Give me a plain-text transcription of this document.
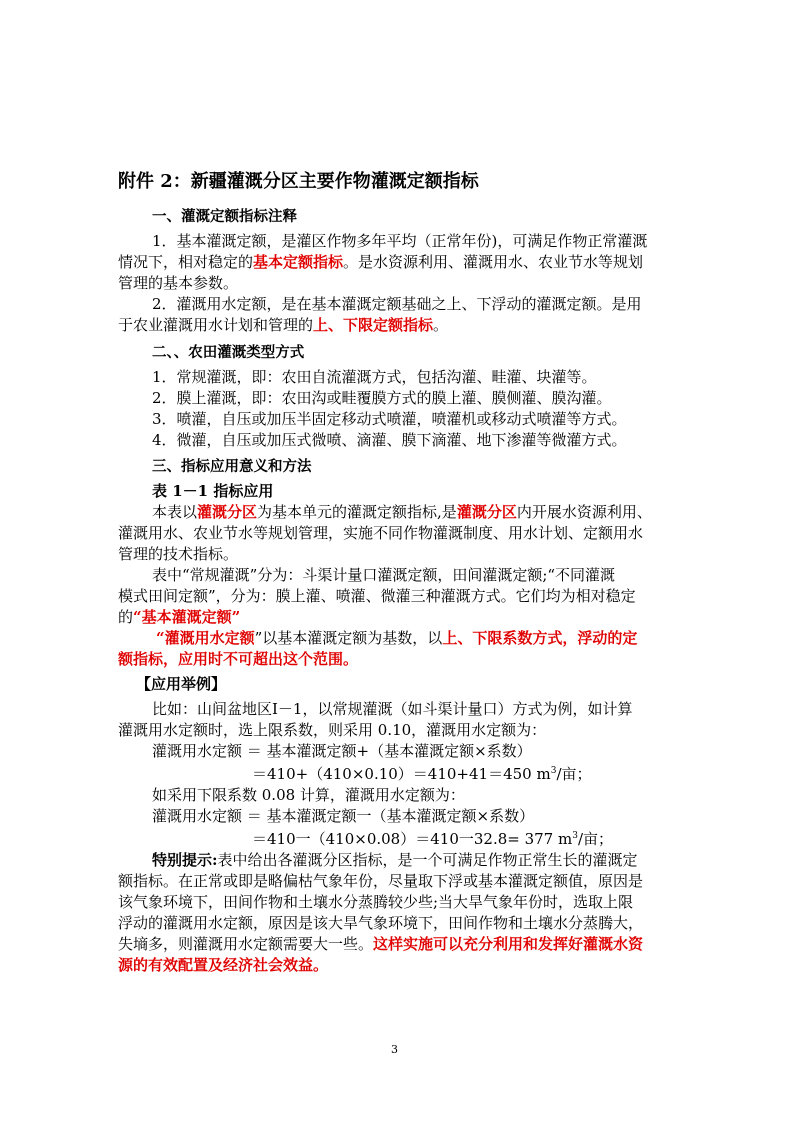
附件 2：新疆灌溉分区主要作物灌溉定额指标
一、灌溉定额指标注释
1．基本灌溉定额，是灌区作物多年平均（正常年份)，可满足作物正常灌溉
情况下，相对稳定的基本定额指标。是水资源利用、灌溉用水、农业节水等规划
管理的基本参数。
2．灌溉用水定额，是在基本灌溉定额基础之上、下浮动的灌溉定额。是用
于农业灌溉用水计划和管理的上、下限定额指标。
二、、农田灌溉类型方式
1．常规灌溉，即：农田自流灌溉方式，包括沟灌、畦灌、块灌等。
2．膜上灌溉，即：农田沟或畦覆膜方式的膜上灌、膜侧灌、膜沟灌。
3．喷灌，自压或加压半固定移动式喷灌，喷灌机或移动式喷灌等方式。
4．微灌，自压或加压式微喷、滴灌、膜下滴灌、地下渗灌等微灌方式。
三、指标应用意义和方法
表 1－1 指标应用
本表以灌溉分区为基本单元的灌溉定额指标,是灌溉分区内开展水资源利用、
灌溉用水、农业节水等规划管理，实施不同作物灌溉制度、用水计划、定额用水
管理的技术指标。
表中“常规灌溉”分为：斗渠计量口灌溉定额，田间灌溉定额;“不同灌溉
模式田间定额”，分为：膜上灌、喷灌、微灌三种灌溉方式。它们均为相对稳定
的“基本灌溉定额”
“灌溉用水定额”以基本灌溉定额为基数，以上、下限系数方式，浮动的定
额指标，应用时不可超出这个范围。
【应用举例】
比如：山间盆地区Ⅰ－1，以常规灌溉（如斗渠计量口）方式为例，如计算
灌溉用水定额时，选上限系数，则采用 0.10，灌溉用水定额为：
灌溉用水定额 ＝ 基本灌溉定额+（基本灌溉定额×系数）
＝410+（410×0.10）＝410+41＝450 $m^3/$亩；
如采用下限系数 0.08 计算，灌溉用水定额为：
灌溉用水定额 ＝ 基本灌溉定额一（基本灌溉定额×系数）
＝410一（410×0.08）＝410一32.8= 377 $m^3/$亩；
特别提示:表中给出各灌溉分区指标，是一个可满足作物正常生长的灌溉定
额指标。在正常或即是略偏枯气象年份，尽量取下浮或基本灌溉定额值，原因是
该气象环境下，田间作物和土壤水分蒸腾较少些;当大旱气象年份时，选取上限
浮动的灌溉用水定额，原因是该大旱气象环境下，田间作物和土壤水分蒸腾大，
失墒多，则灌溉用水定额需要大一些。这样实施可以充分利用和发挥好灌溉水资
源的有效配置及经济社会效益。
3
